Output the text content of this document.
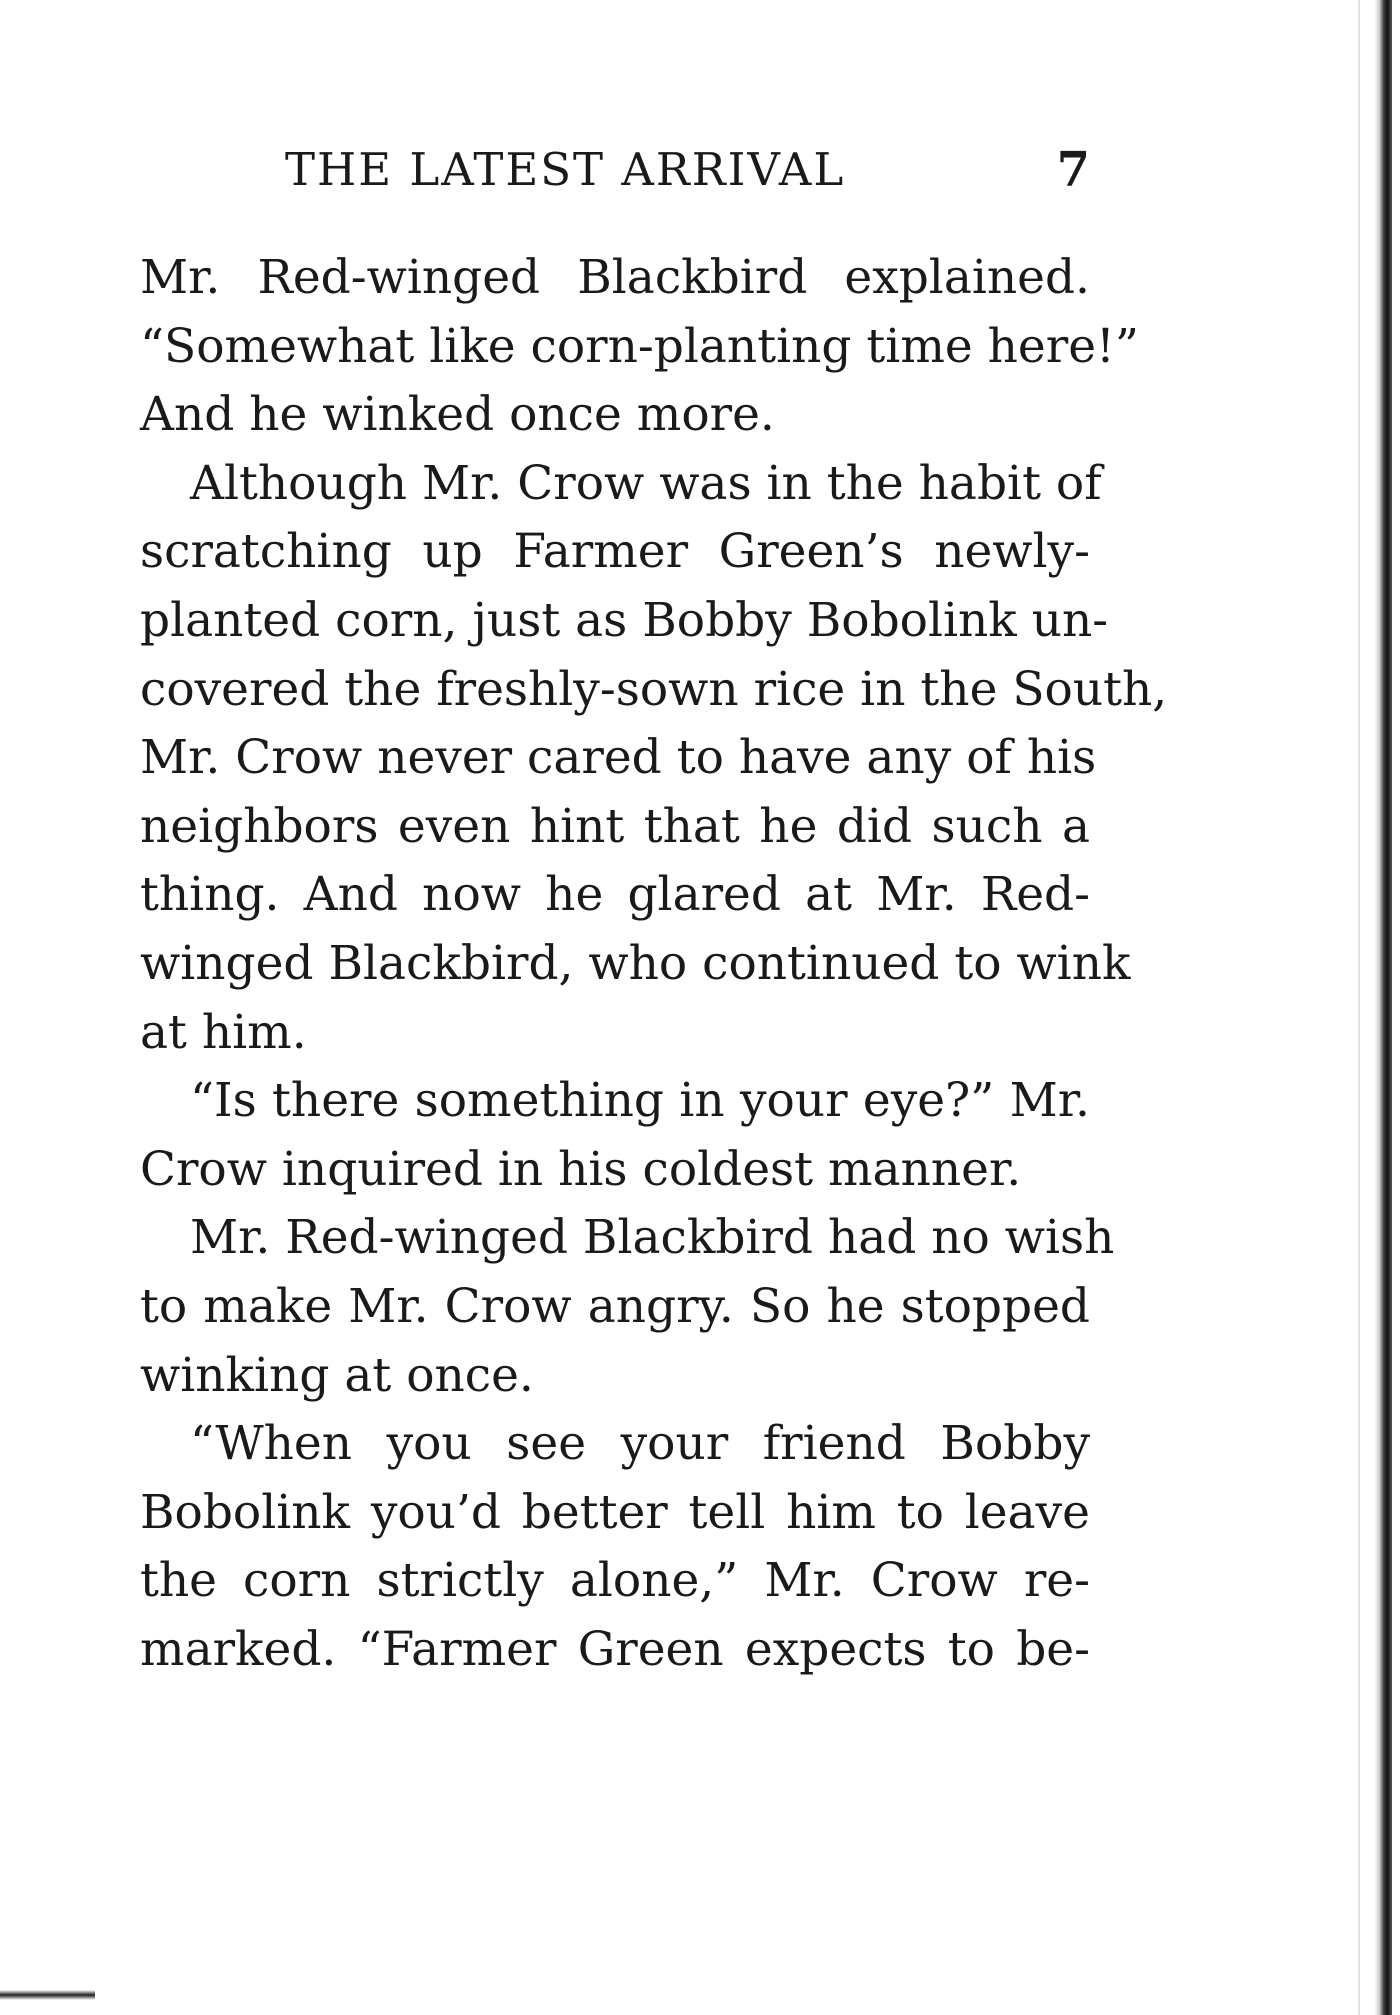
THE LATEST ARRIVAL	7
Mr. Red-winged Blackbird explained.
“Somewhat like corn-planting time here!”
And he winked once more.
Although Mr. Crow was in the habit of
scratching up Farmer Green’s newly-
planted corn, just as Bobby Bobolink un-
covered the freshly-sown rice in the South,
Mr. Crow never cared to have any of his
neighbors even hint that he did such a
thing. And now he glared at Mr. Red-
winged Blackbird, who continued to wink
at him.
“Is there something in your eye?” Mr.
Crow inquired in his coldest manner.
Mr. Red-winged Blackbird had no wish
to make Mr. Crow angry. So he stopped
winking at once.
“When you see your friend Bobby
Bobolink you’d better tell him to leave
the corn strictly alone,” Mr. Crow re-
marked. “Farmer Green expects to be-
